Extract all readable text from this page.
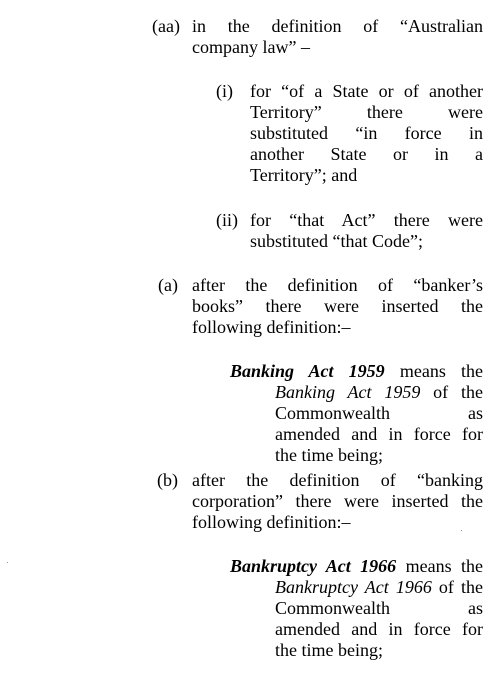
(aa) in the definition of “Australian
company law” –
(i) for “of a State or of another
Territory” there were
substituted “in force in
another State or in a
Territory”; and
(ii) for “that Act” there were
substituted “that Code”;
(a) after the definition of “banker’s
books” there were inserted the
following definition:–
Banking Act 1959 means the
Banking Act 1959 of the
Commonwealth as
amended and in force for
the time being;
(b) after the definition of “banking
corporation” there were inserted the
following definition:–
Bankruptcy Act 1966 means the
Bankruptcy Act 1966 of the
Commonwealth as
amended and in force for
the time being;
